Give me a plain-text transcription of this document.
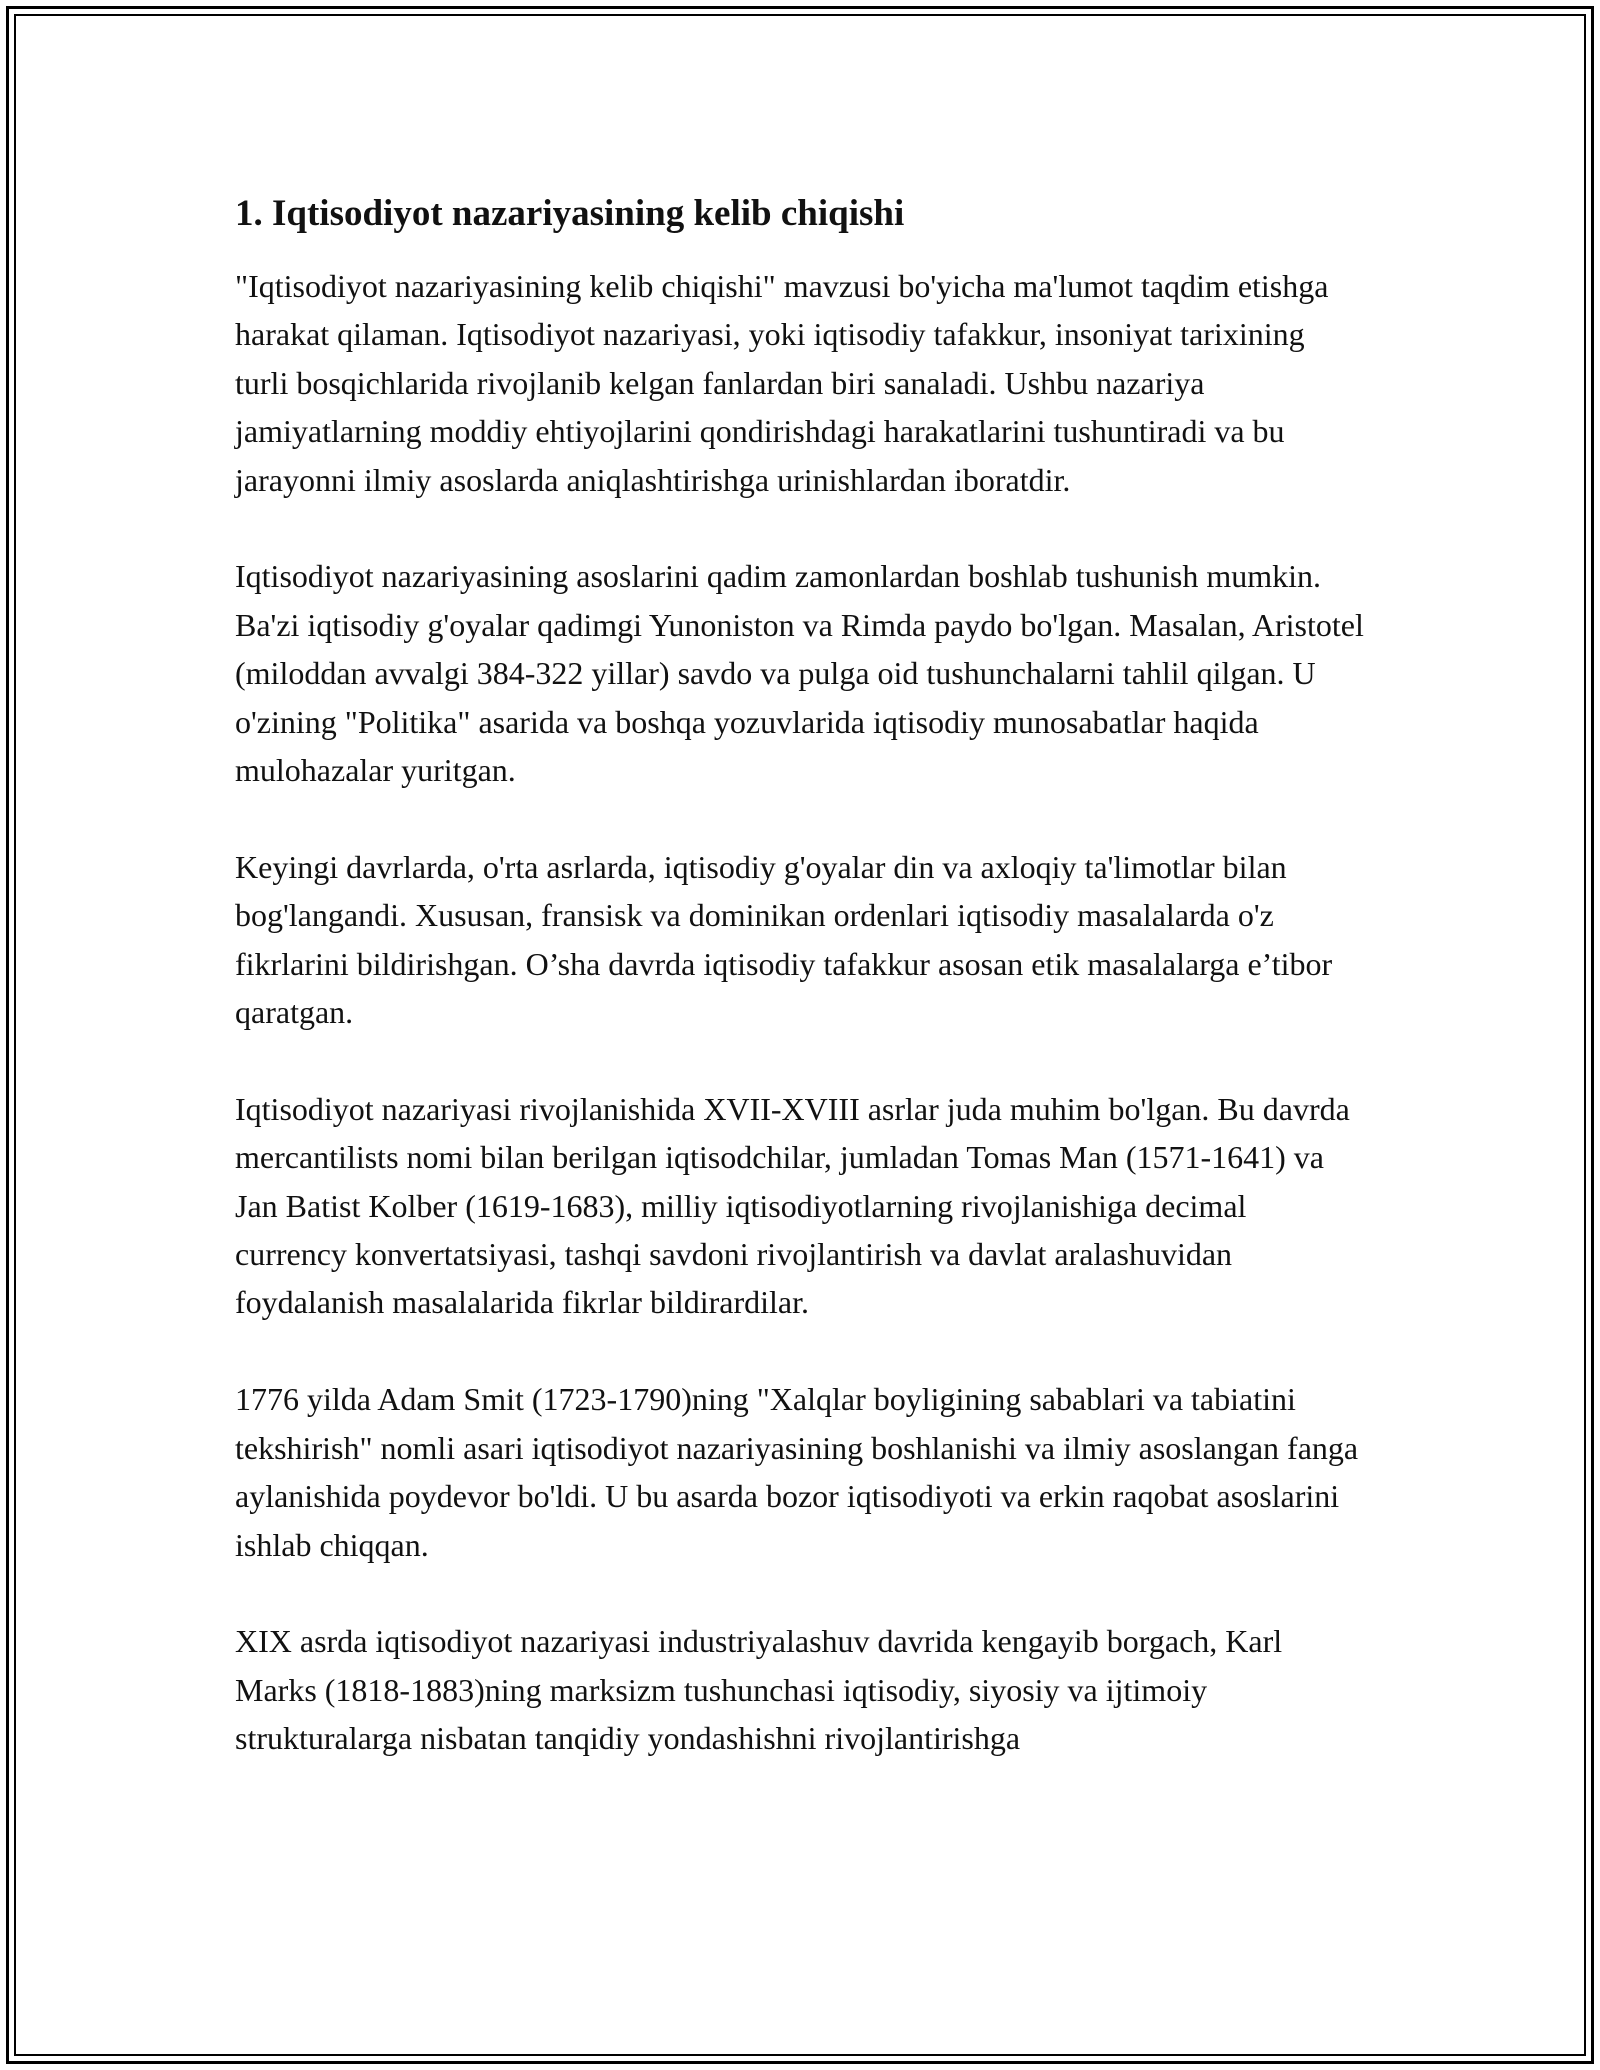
1. Iqtisodiyot nazariyasining kelib chiqishi

"Iqtisodiyot nazariyasining kelib chiqishi" mavzusi bo'yicha ma'lumot taqdim etishga harakat qilaman. Iqtisodiyot nazariyasi, yoki iqtisodiy tafakkur, insoniyat tarixining turli bosqichlarida rivojlanib kelgan fanlardan biri sanaladi. Ushbu nazariya jamiyatlarning moddiy ehtiyojlarini qondirishdagi harakatlarini tushuntiradi va bu jarayonni ilmiy asoslarda aniqlashtirishga urinishlardan iboratdir.

Iqtisodiyot nazariyasining asoslarini qadim zamonlardan boshlab tushunish mumkin. Ba'zi iqtisodiy g'oyalar qadimgi Yunoniston va Rimda paydo bo'lgan. Masalan, Aristotel (miloddan avvalgi 384-322 yillar) savdo va pulga oid tushunchalarni tahlil qilgan. U o'zining "Politika" asarida va boshqa yozuvlarida iqtisodiy munosabatlar haqida mulohazalar yuritgan.

Keyingi davrlarda, o'rta asrlarda, iqtisodiy g'oyalar din va axloqiy ta'limotlar bilan bog'langandi. Xususan, fransisk va dominikan ordenlari iqtisodiy masalalarda o'z fikrlarini bildirishgan. O’sha davrda iqtisodiy tafakkur asosan etik masalalarga e’tibor qaratgan.

Iqtisodiyot nazariyasi rivojlanishida XVII-XVIII asrlar juda muhim bo'lgan. Bu davrda mercantilists nomi bilan berilgan iqtisodchilar, jumladan Tomas Man (1571-1641) va Jan Batist Kolber (1619-1683), milliy iqtisodiyotlarning rivojlanishiga decimal currency konvertatsiyasi, tashqi savdoni rivojlantirish va davlat aralashuvidan foydalanish masalalarida fikrlar bildirardilar.

1776 yilda Adam Smit (1723-1790)ning "Xalqlar boyligining sabablari va tabiatini tekshirish" nomli asari iqtisodiyot nazariyasining boshlanishi va ilmiy asoslangan fanga aylanishida poydevor bo'ldi. U bu asarda bozor iqtisodiyoti va erkin raqobat asoslarini ishlab chiqqan.

XIX asrda iqtisodiyot nazariyasi industriyalashuv davrida kengayib borgach, Karl Marks (1818-1883)ning marksizm tushunchasi iqtisodiy, siyosiy va ijtimoiy strukturalarga nisbatan tanqidiy yondashishni rivojlantirishga
